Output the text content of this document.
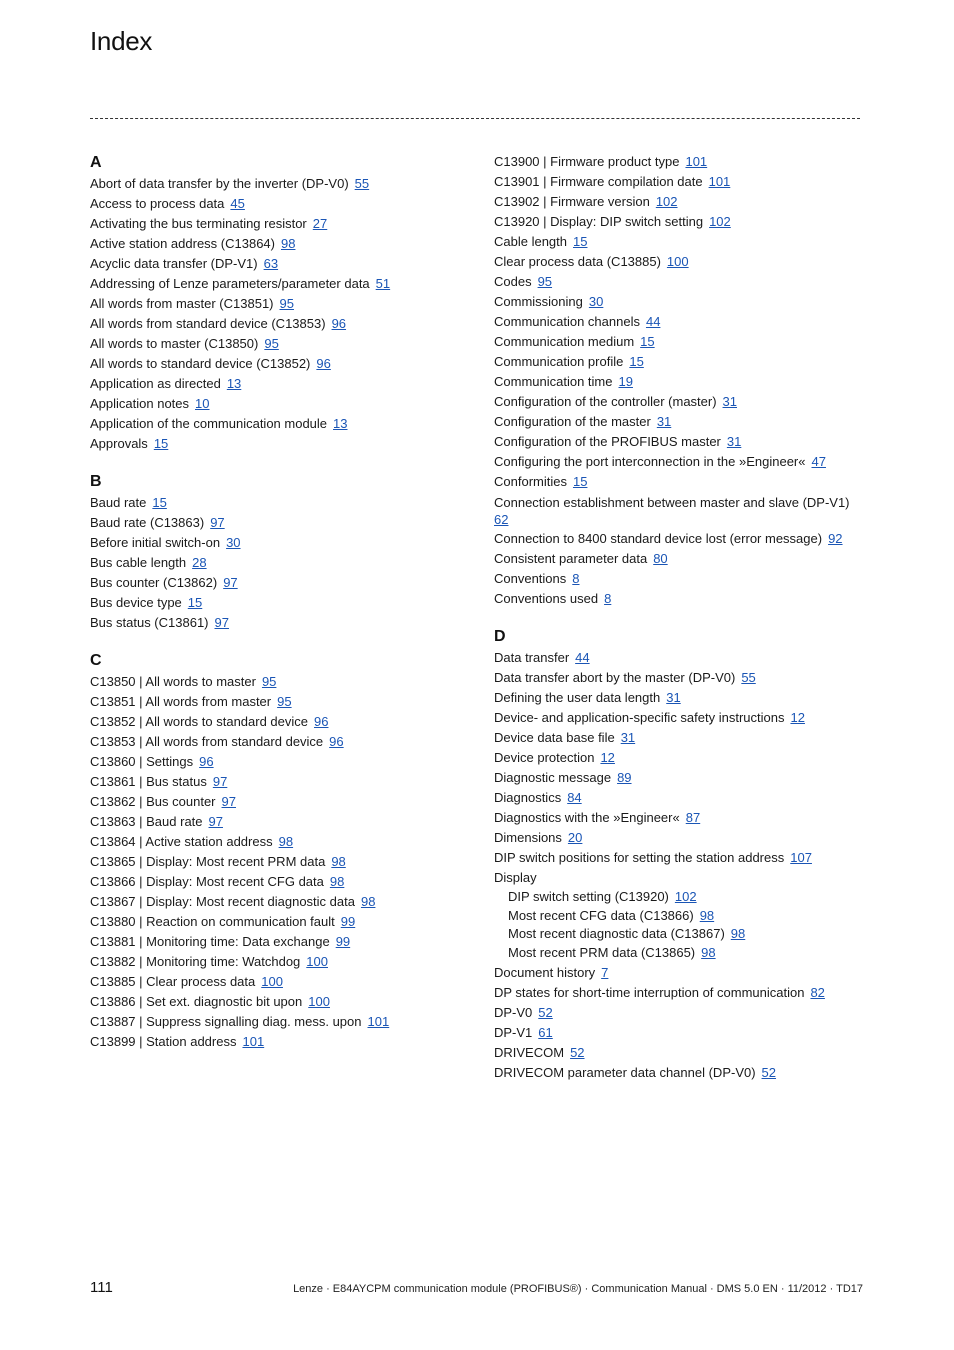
Index
A
Abort of data transfer by the inverter (DP-V0) 55
Access to process data 45
Activating the bus terminating resistor 27
Active station address (C13864) 98
Acyclic data transfer (DP-V1) 63
Addressing of Lenze parameters/parameter data 51
All words from master (C13851) 95
All words from standard device (C13853) 96
All words to master (C13850) 95
All words to standard device (C13852) 96
Application as directed 13
Application notes 10
Application of the communication module 13
Approvals 15
B
Baud rate 15
Baud rate (C13863) 97
Before initial switch-on 30
Bus cable length 28
Bus counter (C13862) 97
Bus device type 15
Bus status (C13861) 97
C
C13850 | All words to master 95
C13851 | All words from master 95
C13852 | All words to standard device 96
C13853 | All words from standard device 96
C13860 | Settings 96
C13861 | Bus status 97
C13862 | Bus counter 97
C13863 | Baud rate 97
C13864 | Active station address 98
C13865 | Display: Most recent PRM data 98
C13866 | Display: Most recent CFG data 98
C13867 | Display: Most recent diagnostic data 98
C13880 | Reaction on communication fault 99
C13881 | Monitoring time: Data exchange 99
C13882 | Monitoring time: Watchdog 100
C13885 | Clear process data 100
C13886 | Set ext. diagnostic bit upon 100
C13887 | Suppress signalling diag. mess. upon 101
C13899 | Station address 101
C13900 | Firmware product type 101
C13901 | Firmware compilation date 101
C13902 | Firmware version 102
C13920 | Display: DIP switch setting 102
Cable length 15
Clear process data (C13885) 100
Codes 95
Commissioning 30
Communication channels 44
Communication medium 15
Communication profile 15
Communication time 19
Configuration of the controller (master) 31
Configuration of the master 31
Configuration of the PROFIBUS master 31
Configuring the port interconnection in the »Engineer« 47
Conformities 15
Connection establishment between master and slave (DP-V1)
62
Connection to 8400 standard device lost (error message) 92
Consistent parameter data 80
Conventions 8
Conventions used 8
D
Data transfer 44
Data transfer abort by the master (DP-V0) 55
Defining the user data length 31
Device- and application-specific safety instructions 12
Device data base file 31
Device protection 12
Diagnostic message 89
Diagnostics 84
Diagnostics with the »Engineer« 87
Dimensions 20
DIP switch positions for setting the station address 107
Display
DIP switch setting (C13920) 102
Most recent CFG data (C13866) 98
Most recent diagnostic data (C13867) 98
Most recent PRM data (C13865) 98
Document history 7
DP states for short-time interruption of communication 82
DP-V0 52
DP-V1 61
DRIVECOM 52
DRIVECOM parameter data channel (DP-V0) 52
111	Lenze · E84AYCPM communication module (PROFIBUS®) · Communication Manual · DMS 5.0 EN · 11/2012 · TD17
